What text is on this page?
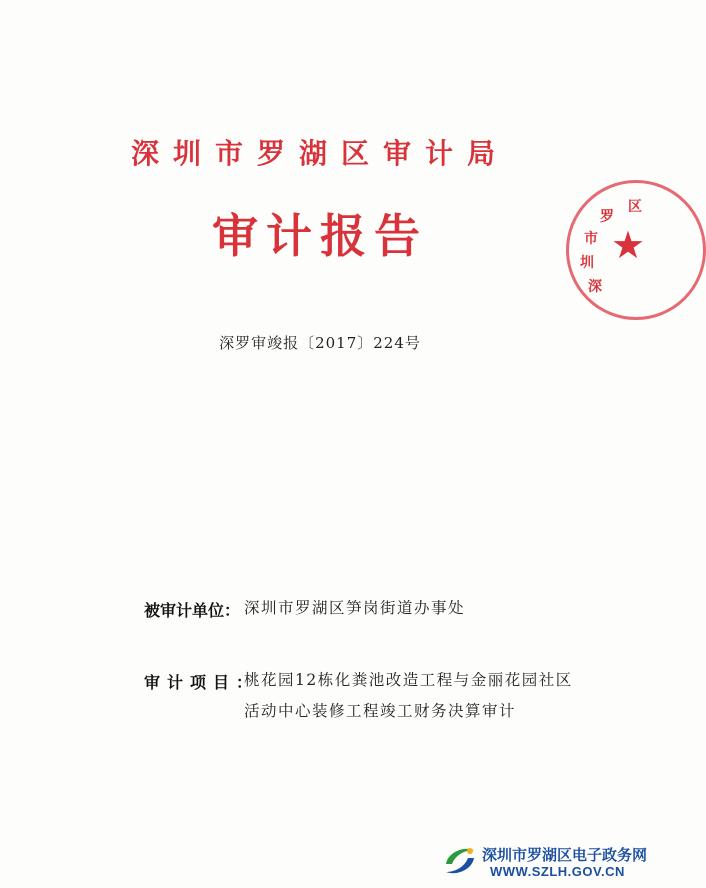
深圳市罗湖区审计局
审计报告
深罗审竣报〔2017〕224号
区
罗
市
圳
深
★
被审计单位： 深圳市罗湖区笋岗街道办事处
审计项目：
桃花园12栋化粪池改造工程与金丽花园社区活动中心装修工程竣工财务决算审计
深圳市罗湖区电子政务网
WWW.SZLH.GOV.CN
